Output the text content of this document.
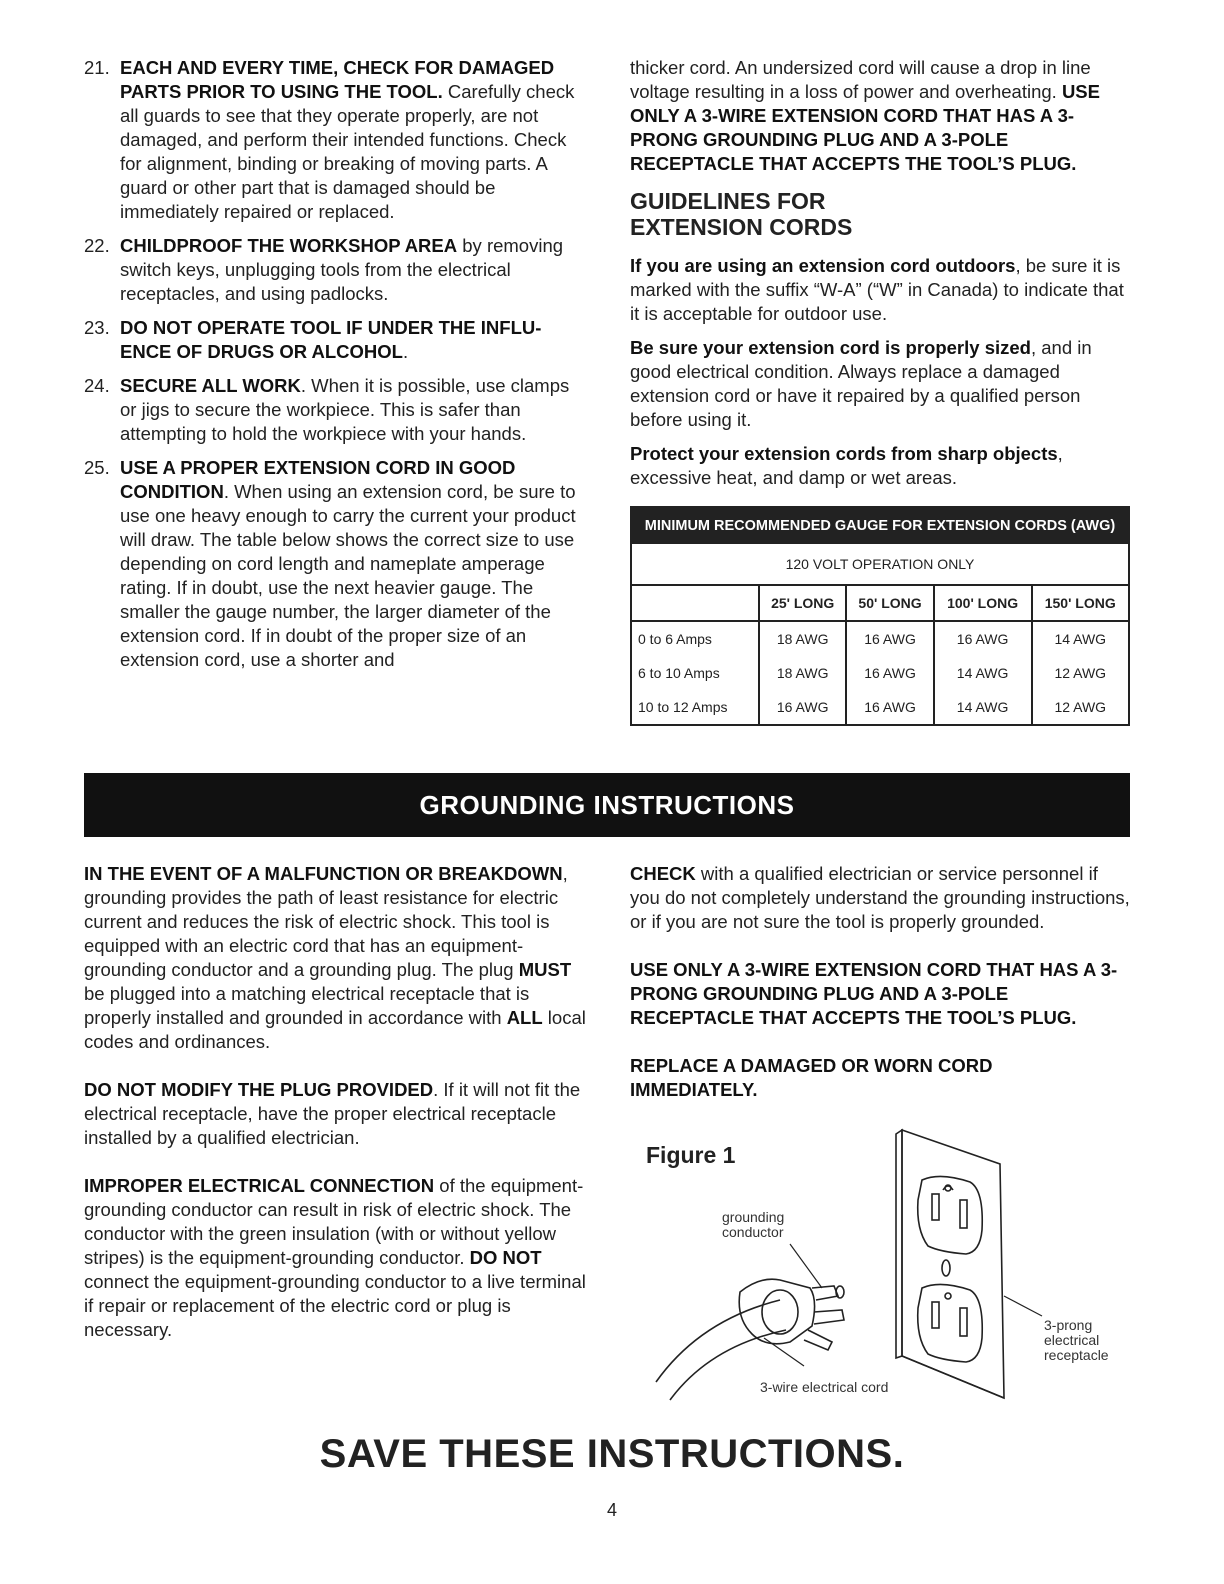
21. EACH AND EVERY TIME, CHECK FOR DAMAGED PARTS PRIOR TO USING THE TOOL. Carefully check all guards to see that they operate properly, are not damaged, and perform their intended functions. Check for alignment, binding or breaking of moving parts. A guard or other part that is damaged should be immediately repaired or replaced.
22. CHILDPROOF THE WORKSHOP AREA by removing switch keys, unplugging tools from the electrical receptacles, and using padlocks.
23. DO NOT OPERATE TOOL IF UNDER THE INFLU-ENCE OF DRUGS OR ALCOHOL.
24. SECURE ALL WORK. When it is possible, use clamps or jigs to secure the workpiece. This is safer than attempting to hold the workpiece with your hands.
25. USE A PROPER EXTENSION CORD IN GOOD CONDITION. When using an extension cord, be sure to use one heavy enough to carry the current your product will draw. The table below shows the correct size to use depending on cord length and nameplate amperage rating. If in doubt, use the next heavier gauge. The smaller the gauge number, the larger diameter of the extension cord. If in doubt of the proper size of an extension cord, use a shorter and

thicker cord. An undersized cord will cause a drop in line voltage resulting in a loss of power and overheating. USE ONLY A 3-WIRE EXTENSION CORD THAT HAS A 3-PRONG GROUNDING PLUG AND A 3-POLE RECEPTACLE THAT ACCEPTS THE TOOL’S PLUG.

GUIDELINES FOR
EXTENSION CORDS

If you are using an extension cord outdoors, be sure it is marked with the suffix “W-A” (“W” in Canada) to indicate that it is acceptable for outdoor use.

Be sure your extension cord is properly sized, and in good electrical condition. Always replace a damaged extension cord or have it repaired by a qualified person before using it.

Protect your extension cords from sharp objects, excessive heat, and damp or wet areas.

MINIMUM RECOMMENDED GAUGE FOR EXTENSION CORDS (AWG)
120 VOLT OPERATION ONLY
	25' LONG	50' LONG	100' LONG	150' LONG
0 to 6 Amps	18 AWG	16 AWG	16 AWG	14 AWG
6 to 10 Amps	18 AWG	16 AWG	14 AWG	12 AWG
10 to 12 Amps	16 AWG	16 AWG	14 AWG	12 AWG
GROUNDING INSTRUCTIONS

IN THE EVENT OF A MALFUNCTION OR BREAKDOWN, grounding provides the path of least resistance for electric current and reduces the risk of electric shock. This tool is equipped with an electric cord that has an equipment-grounding conductor and a grounding plug. The plug MUST be plugged into a matching electrical receptacle that is properly installed and grounded in accordance with ALL local codes and ordinances.

DO NOT MODIFY THE PLUG PROVIDED. If it will not fit the electrical receptacle, have the proper electrical receptacle installed by a qualified electrician.

IMPROPER ELECTRICAL CONNECTION of the equipment-grounding conductor can result in risk of electric shock. The conductor with the green insulation (with or without yellow stripes) is the equipment-grounding conductor. DO NOT connect the equipment-grounding conductor to a live terminal if repair or replacement of the electric cord or plug is necessary.

CHECK with a qualified electrician or service personnel if you do not completely understand the grounding instructions, or if you are not sure the tool is properly grounded.

USE ONLY A 3-WIRE EXTENSION CORD THAT HAS A 3-PRONG GROUNDING PLUG AND A 3-POLE RECEPTACLE THAT ACCEPTS THE TOOL’S PLUG.

REPLACE A DAMAGED OR WORN CORD IMMEDIATELY.

Figure 1
grounding conductor
3-wire electrical cord
3-prong electrical receptacle
SAVE THESE INSTRUCTIONS.
4
